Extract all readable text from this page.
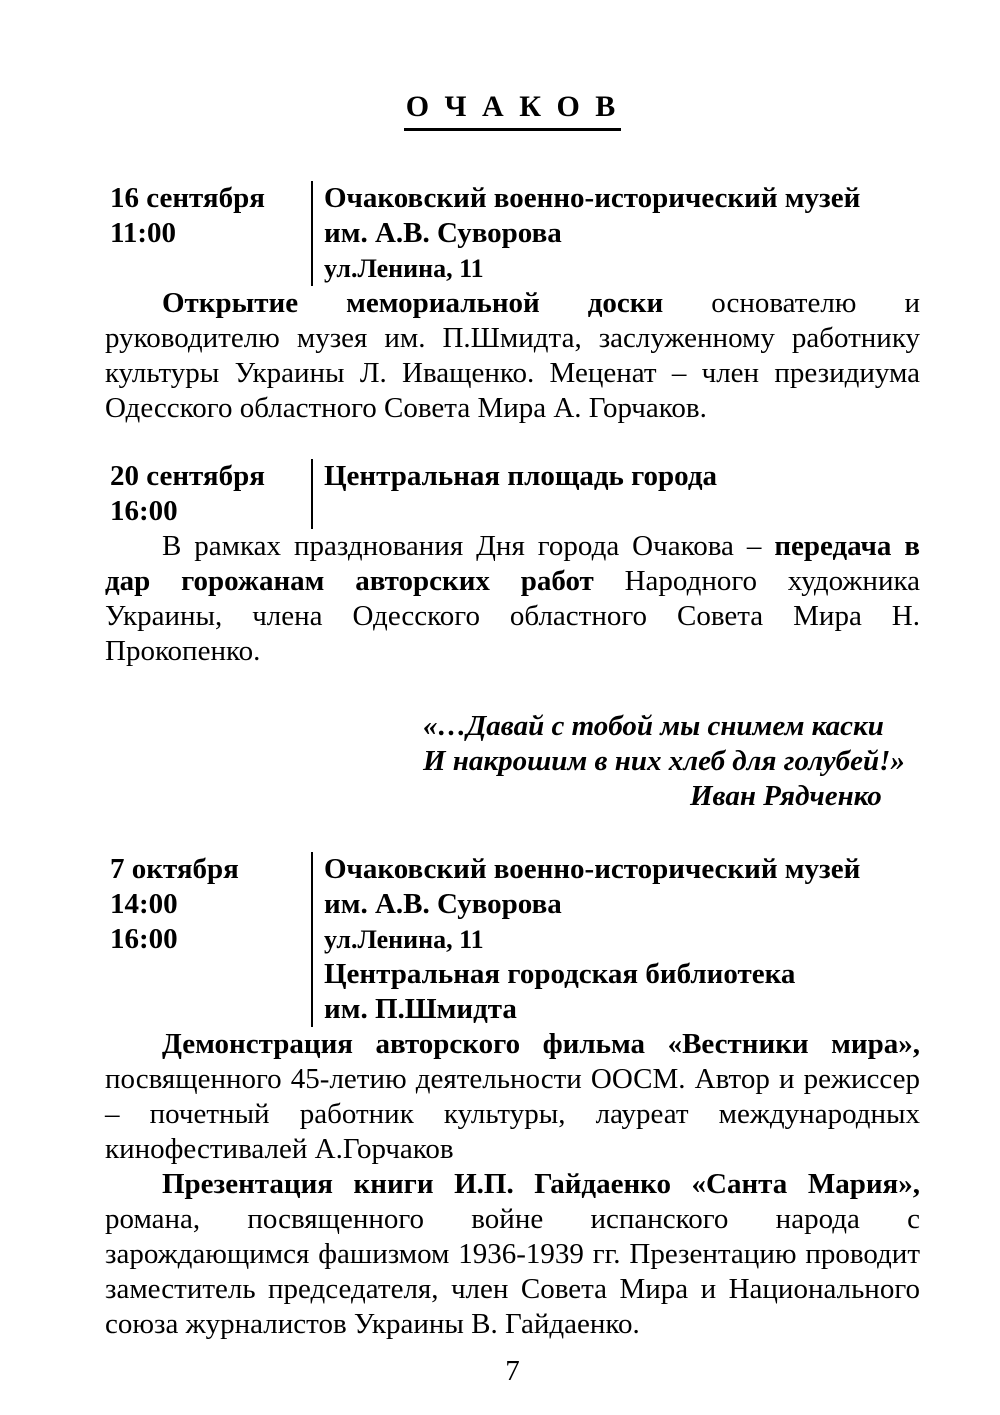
О Ч А К О В
16 сентября
11:00
Очаковский военно-исторический музей
им. А.В. Суворова
ул.Ленина, 11

Открытие мемориальной доски основателю и руководителю музея им. П.Шмидта, заслуженному работнику культуры Украины Л. Иващенко. Меценат – член президиума Одесского областного Совета Мира А. Горчаков.

20 сентября
16:00
Центральная площадь города

В рамках празднования Дня города Очакова – передача в дар горожанам авторских работ Народного художника Украины, члена Одесского областного Совета Мира Н. Прокопенко.

«…Давай с тобой мы снимем каски
И накрошим в них хлеб для голубей!»
Иван Рядченко
7 октября
14:00
16:00
Очаковский военно-исторический музей
им. А.В. Суворова
ул.Ленина, 11
Центральная городская библиотека
им. П.Шмидта

Демонстрация авторского фильма «Вестники мира», посвященного 45-летию деятельности ООСМ. Автор и режиссер – почетный работник культуры, лауреат международных кинофестивалей А.Горчаков

Презентация книги И.П. Гайдаенко «Санта Мария», романа, посвященного войне испанского народа с зарождающимся фашизмом 1936-1939 гг. Презентацию проводит заместитель председателя, член Совета Мира и Национального союза журналистов Украины В. Гайдаенко.

7
